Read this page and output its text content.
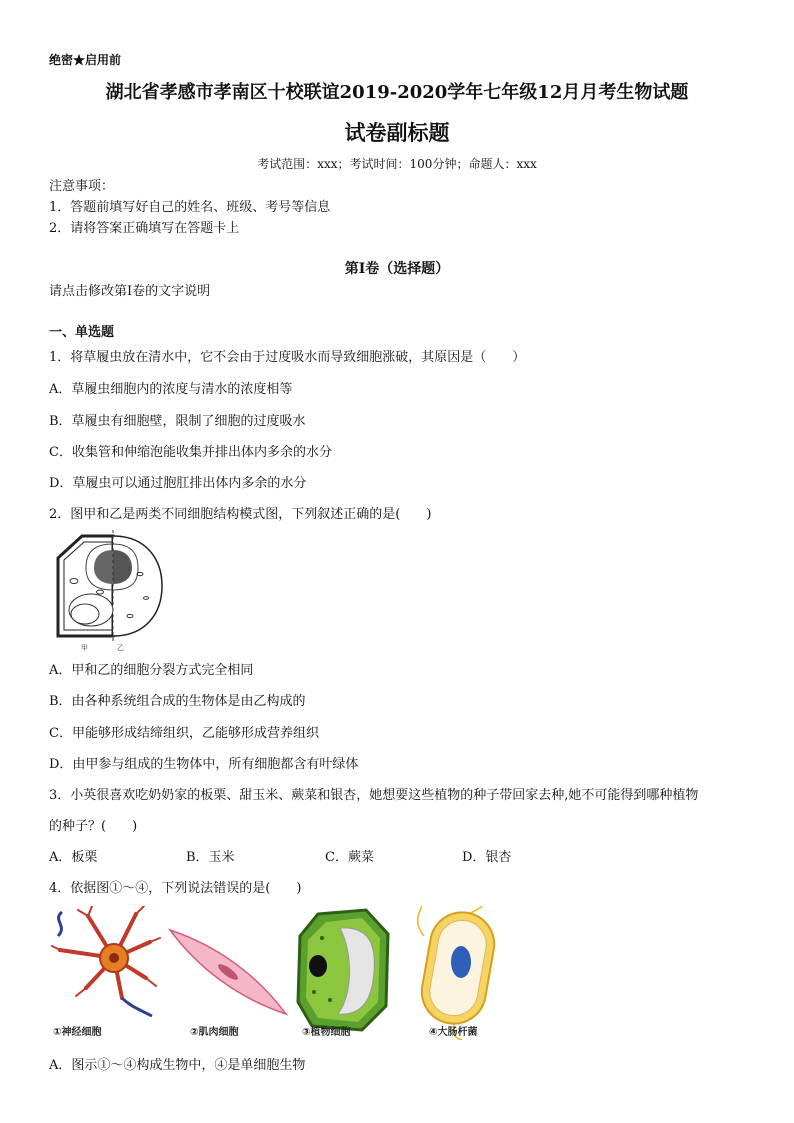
绝密★启用前
湖北省孝感市孝南区十校联谊2019-2020学年七年级12月月考生物试题
试卷副标题
考试范围：xxx；考试时间：100分钟；命题人：xxx
注意事项：
1．答题前填写好自己的姓名、班级、考号等信息
2．请将答案正确填写在答题卡上
第I卷（选择题）
请点击修改第I卷的文字说明
一、单选题
1．将草履虫放在清水中，它不会由于过度吸水而导致细胞涨破，其原因是（　　）
A．草履虫细胞内的浓度与清水的浓度相等
B．草履虫有细胞壁，限制了细胞的过度吸水
C．收集管和伸缩泡能收集并排出体内多余的水分
D．草履虫可以通过胞肛排出体内多余的水分
2．图甲和乙是两类不同细胞结构模式图，下列叙述正确的是(　　)
甲	乙
A．甲和乙的细胞分裂方式完全相同
B．由各种系统组合成的生物体是由乙构成的
C．甲能够形成结缔组织，乙能够形成营养组织
D．由甲参与组成的生物体中，所有细胞都含有叶绿体
3．小英很喜欢吃奶奶家的板栗、甜玉米、蕨菜和银杏，她想要这些植物的种子带回家去种,她不可能得到哪种植物
的种子？(　　)
A．板栗	B．玉米	C．蕨菜	D．银杏
4．依据图①～④，下列说法错误的是(　　)
①神经细胞	②肌肉细胞	③植物细胞	④大肠杆菌
A．图示①～④构成生物中，④是单细胞生物
